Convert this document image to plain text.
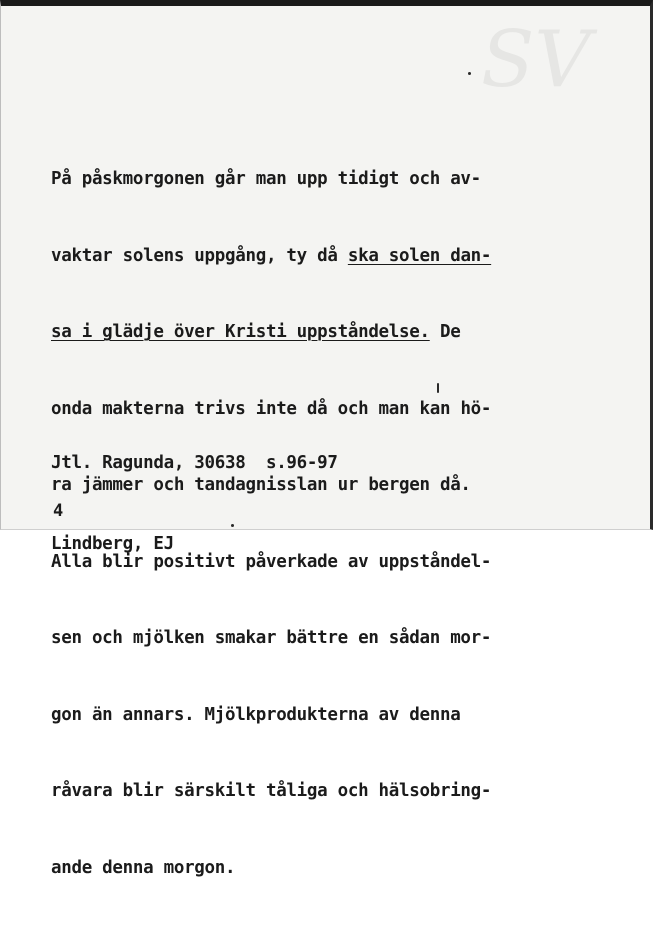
SV

På påskmorgonen går man upp tidigt och av-

vaktar solens uppgång, ty då ska solen dan-

sa i glädje över Kristi uppståndelse. De

onda makterna trivs inte då och man kan hö-

ra jämmer och tandagnisslan ur bergen då.

Alla blir positivt påverkade av uppståndel-

sen och mjölken smakar bättre en sådan mor-

gon än annars. Mjölkprodukterna av denna

råvara blir särskilt tåliga och hälsobring-

ande denna morgon.

Jtl. Ragunda, 30638  s.96-97

Lindberg, EJ

4
